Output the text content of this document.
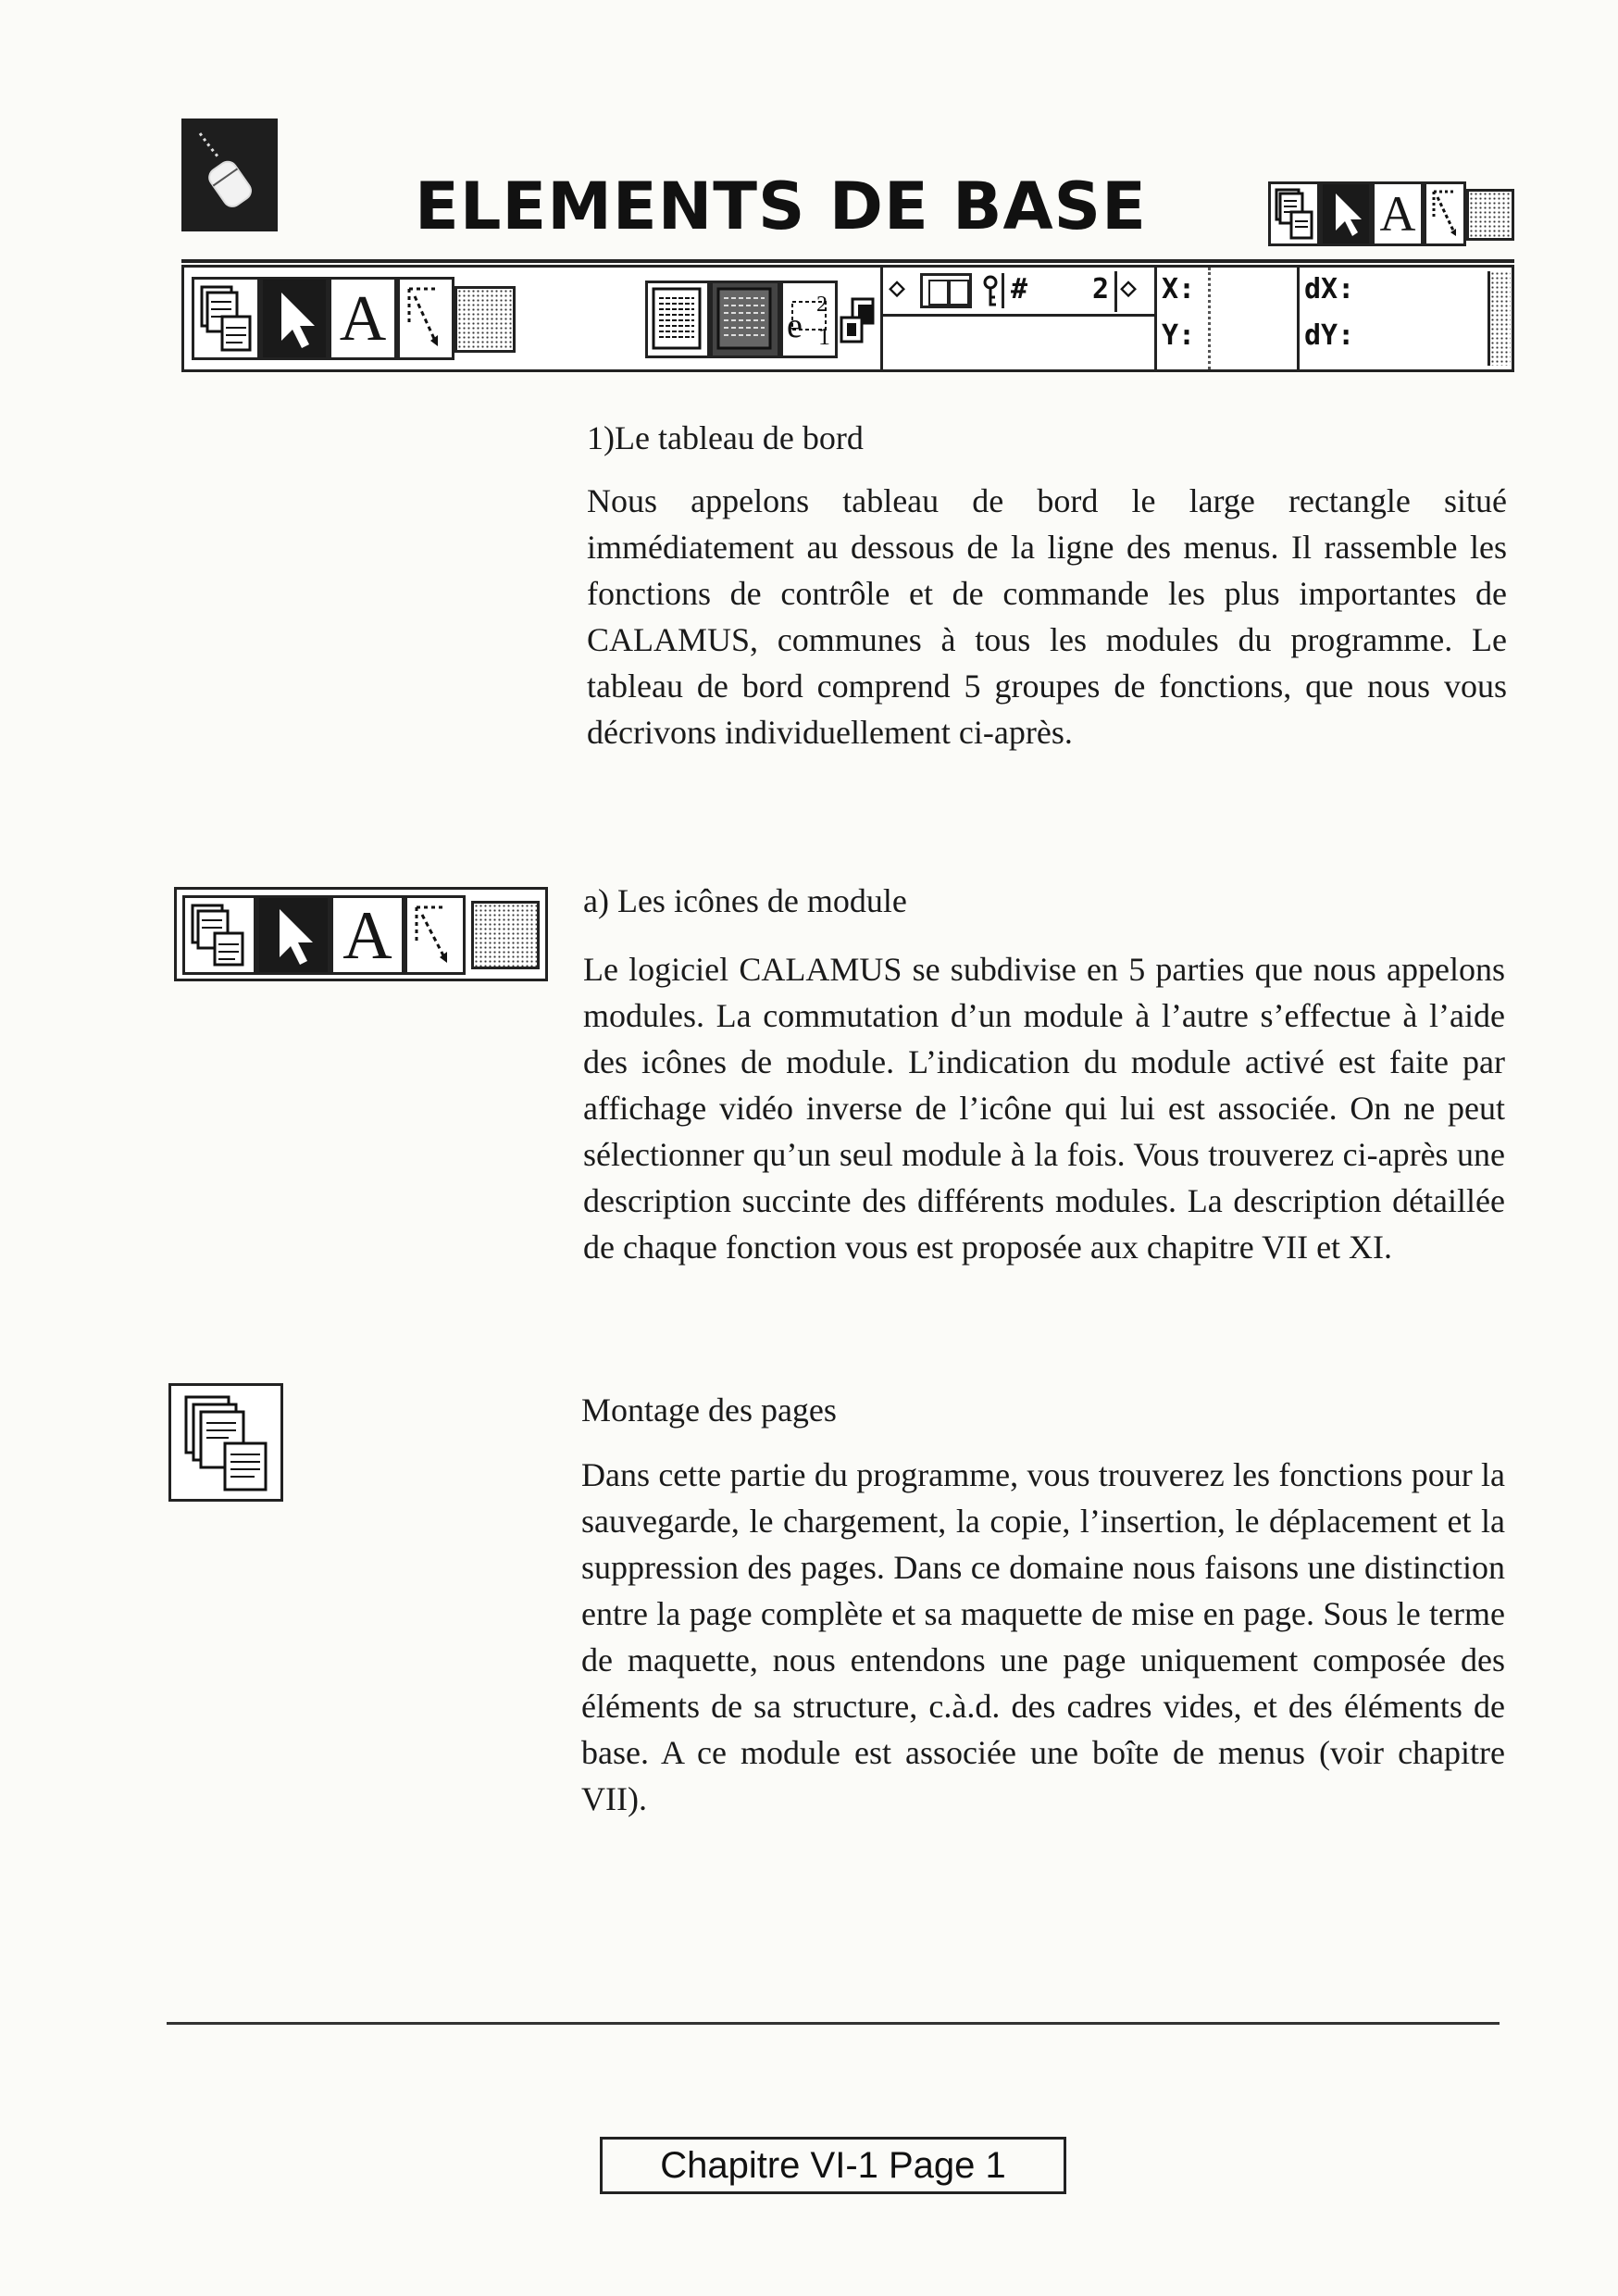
ELEMENTS DE BASE	A
A	e
2
1
◇	# 2 ◇ X:
Y:
dX:
dY:
1)Le tableau de bord
Nous appelons tableau de bord le large rectangle situé immédiatement au dessous de la ligne des menus. Il rassemble les fonctions de contrôle et de commande les plus importantes de CALAMUS, communes à tous les modules du programme. Le tableau de bord comprend 5 groupes de fonctions, que nous vous décrivons individuellement ci-après.
A	a) Les icônes de module
Le logiciel CALAMUS se subdivise en 5 parties que nous appelons modules. La commutation d’un module à l’autre s’effectue à l’aide des icônes de module. L’indication du module activé est faite par affichage vidéo inverse de l’icône qui lui est associée. On ne peut sélectionner qu’un seul module à la fois. Vous trouverez ci-après une description succinte des différents modules. La description détaillée de chaque fonction vous est proposée aux chapitre VII et XI.
Montage des pages
Dans cette partie du programme, vous trouverez les fonctions pour la sauvegarde, le chargement, la copie, l’insertion, le déplacement et la suppression des pages. Dans ce domaine nous faisons une distinction entre la page complète et sa maquette de mise en page. Sous le terme de maquette, nous entendons une page uniquement composée des éléments de sa structure, c.à.d. des cadres vides, et des éléments de base. A ce module est associée une boîte de menus (voir chapitre VII).
Chapitre VI-1 Page 1
